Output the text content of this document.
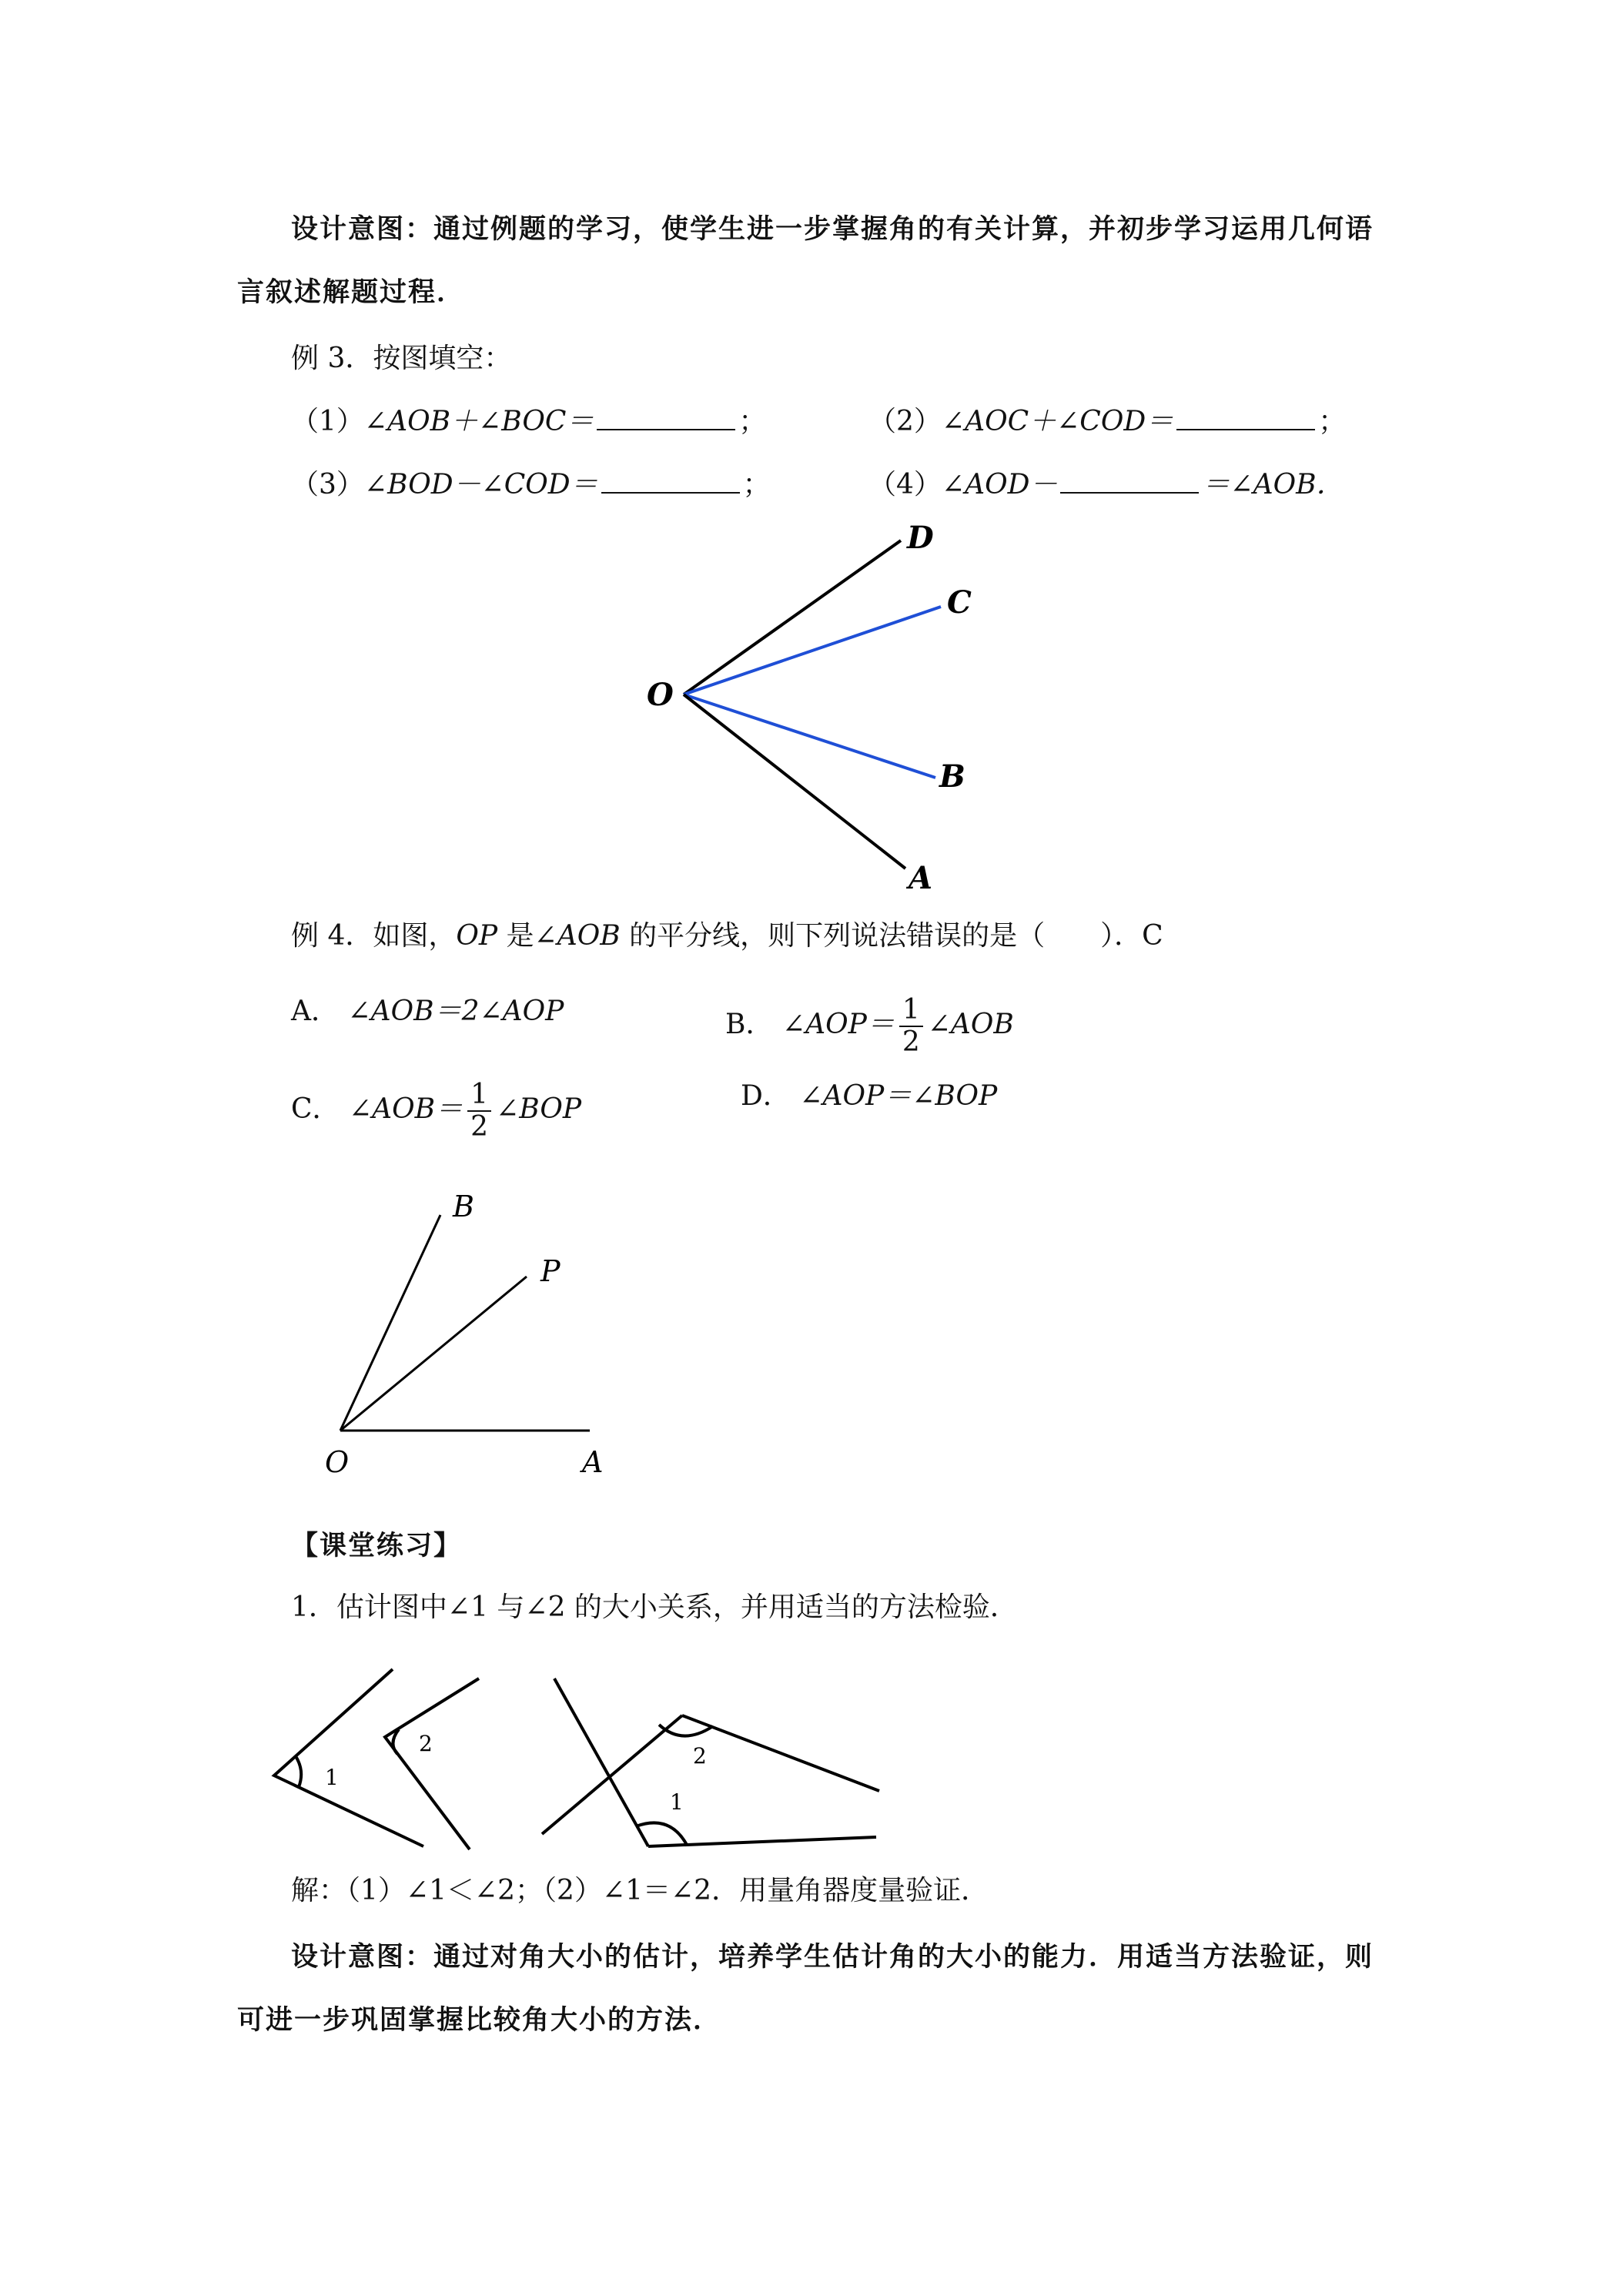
设计意图：通过例题的学习，使学生进一步掌握角的有关计算，并初步学习运用几何语
言叙述解题过程．
例 3．按图填空：
（1）∠AOB＋∠BOC＝	；	（2）∠AOC＋∠COD＝	；
（3）∠BOD－∠COD＝	；	（4）∠AOD－	＝∠AOB．
O
D
C
B
A
例 4．如图，OP 是∠AOB 的平分线，则下列说法错误的是（　　）．C
A． ∠AOB＝2∠AOP	B． ∠AOP＝ $\frac{1}{2}$ ∠AOB
C． ∠AOB＝ $\frac{1}{2}$ ∠BOP	D． ∠AOP＝∠BOP
B
P
O	A
【课堂练习】
1．估计图中∠1 与∠2 的大小关系，并用适当的方法检验．
1
2	2
1
解：（1）∠1＜∠2；（2）∠1＝∠2．用量角器度量验证．
设计意图：通过对角大小的估计，培养学生估计角的大小的能力．用适当方法验证，则
可进一步巩固掌握比较角大小的方法．
